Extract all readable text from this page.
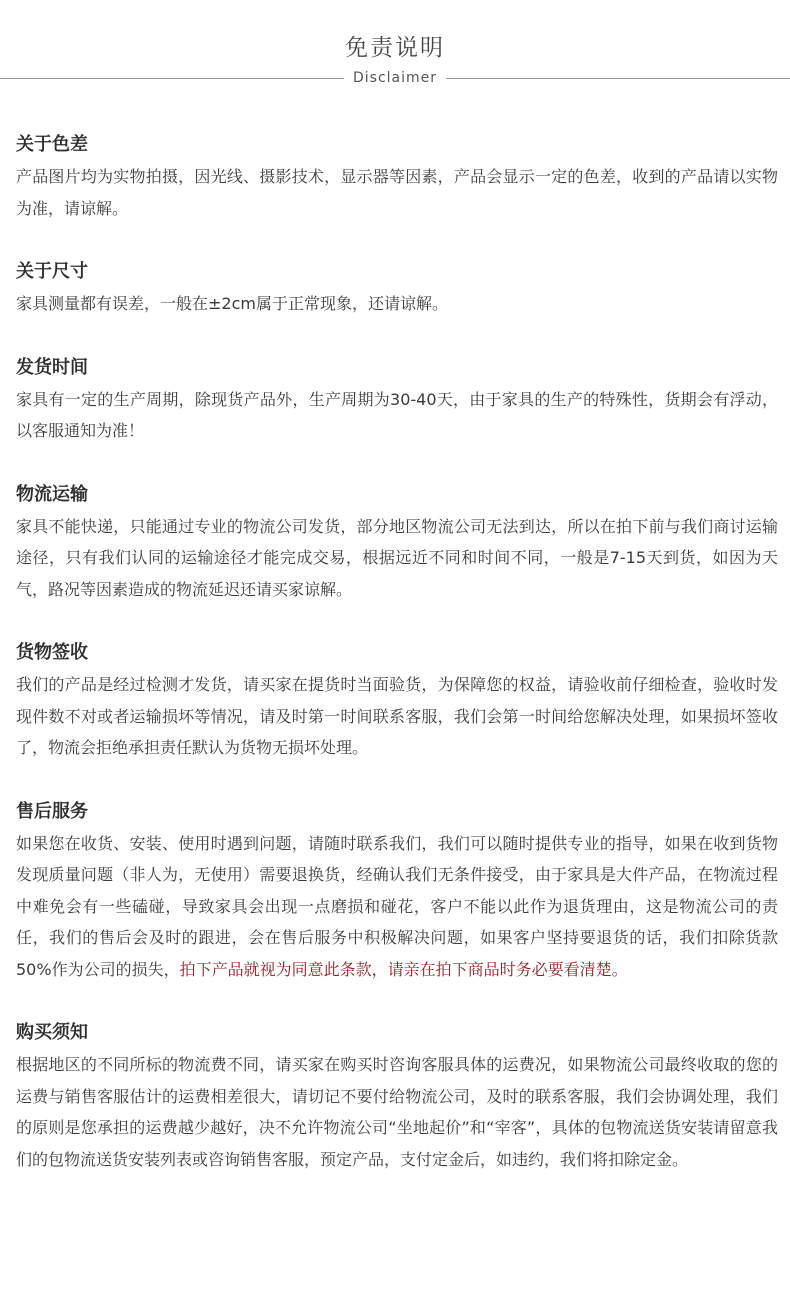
免责说明
Disclaimer
关于色差

产品图片均为实物拍摄，因光线、摄影技术，显示器等因素，产品会显示一定的色差，收到的产品请以实物为准，请谅解。

关于尺寸

家具测量都有误差，一般在±2cm属于正常现象，还请谅解。

发货时间

家具有一定的生产周期，除现货产品外，生产周期为30-40天，由于家具的生产的特殊性，货期会有浮动，以客服通知为准！

物流运输

家具不能快递，只能通过专业的物流公司发货，部分地区物流公司无法到达，所以在拍下前与我们商讨运输途径，只有我们认同的运输途径才能完成交易，根据远近不同和时间不同，一般是7-15天到货，如因为天气，路况等因素造成的物流延迟还请买家谅解。

货物签收

我们的产品是经过检测才发货，请买家在提货时当面验货，为保障您的权益，请验收前仔细检查，验收时发现件数不对或者运输损坏等情况，请及时第一时间联系客服，我们会第一时间给您解决处理，如果损坏签收了，物流会拒绝承担责任默认为货物无损坏处理。

售后服务

如果您在收货、安装、使用时遇到问题，请随时联系我们，我们可以随时提供专业的指导，如果在收到货物发现质量问题（非人为，无使用）需要退换货，经确认我们无条件接受，由于家具是大件产品，在物流过程中难免会有一些磕碰，导致家具会出现一点磨损和碰花，客户不能以此作为退货理由，这是物流公司的责任，我们的售后会及时的跟进，会在售后服务中积极解决问题，如果客户坚持要退货的话，我们扣除货款50%作为公司的损失，拍下产品就视为同意此条款，请亲在拍下商品时务必要看清楚。

购买须知

根据地区的不同所标的物流费不同，请买家在购买时咨询客服具体的运费况，如果物流公司最终收取的您的运费与销售客服估计的运费相差很大，请切记不要付给物流公司，及时的联系客服，我们会协调处理，我们的原则是您承担的运费越少越好，决不允许物流公司“坐地起价”和“宰客”，具体的包物流送货安装请留意我们的包物流送货安装列表或咨询销售客服，预定产品，支付定金后，如违约，我们将扣除定金。
